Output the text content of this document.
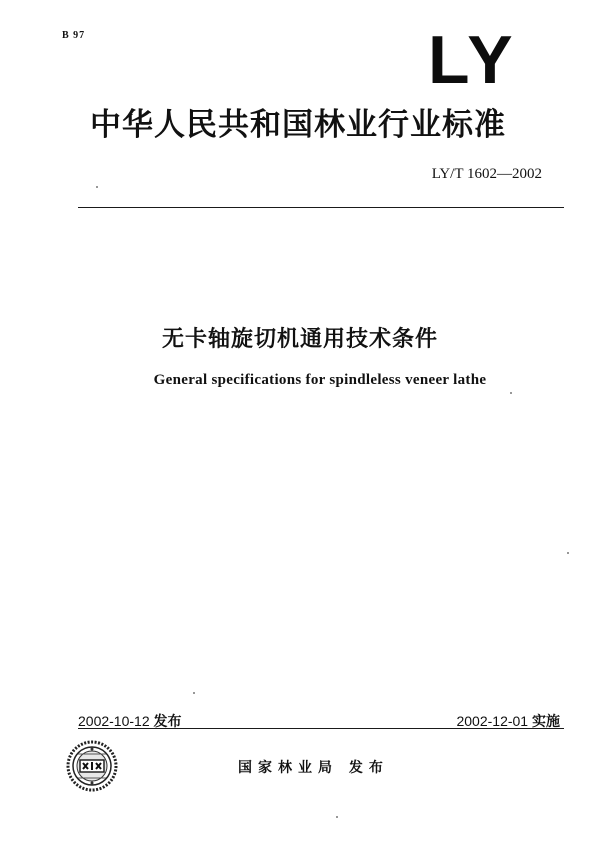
B 97	LY
中华人民共和国林业行业标准
LY/T 1602—2002
无卡轴旋切机通用技术条件
General specifications for spindleless veneer lathe
2002-10-12 发布	2002-12-01 实施
国家林业局 发布
